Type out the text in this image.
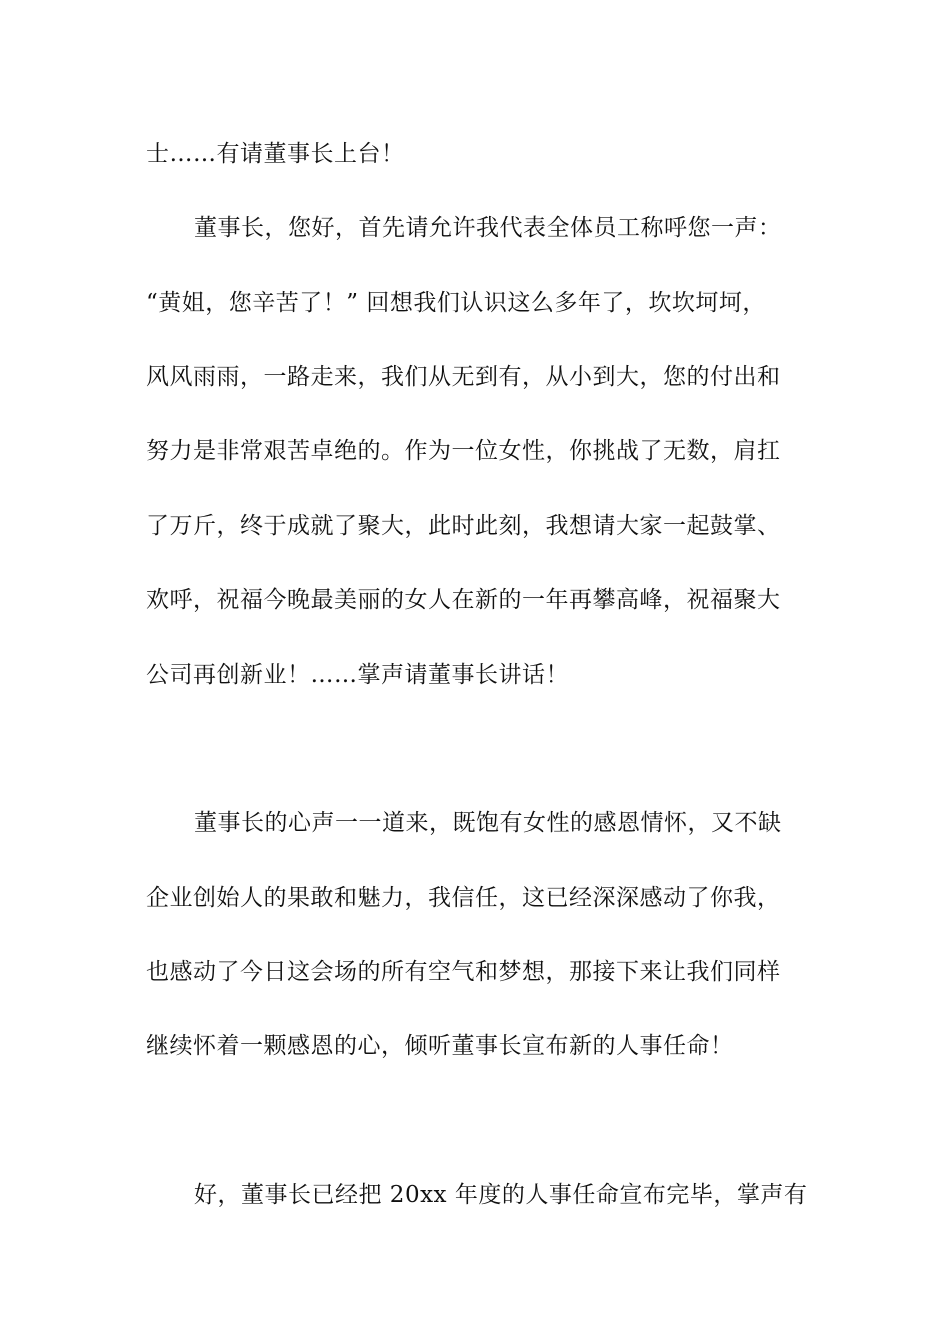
士……有请董事长上台！
董事长，您好，首先请允许我代表全体员工称呼您一声：
“黄姐，您辛苦了！” 回想我们认识这么多年了，坎坎坷坷，
风风雨雨，一路走来，我们从无到有，从小到大，您的付出和
努力是非常艰苦卓绝的。作为一位女性，你挑战了无数，肩扛
了万斤，终于成就了聚大，此时此刻，我想请大家一起鼓掌、
欢呼，祝福今晚最美丽的女人在新的一年再攀高峰，祝福聚大
公司再创新业！……掌声请董事长讲话！
董事长的心声一一道来，既饱有女性的感恩情怀，又不缺
企业创始人的果敢和魅力，我信任，这已经深深感动了你我，
也感动了今日这会场的所有空气和梦想，那接下来让我们同样
继续怀着一颗感恩的心，倾听董事长宣布新的人事任命！
好，董事长已经把 20xx 年度的人事任命宣布完毕，掌声有
